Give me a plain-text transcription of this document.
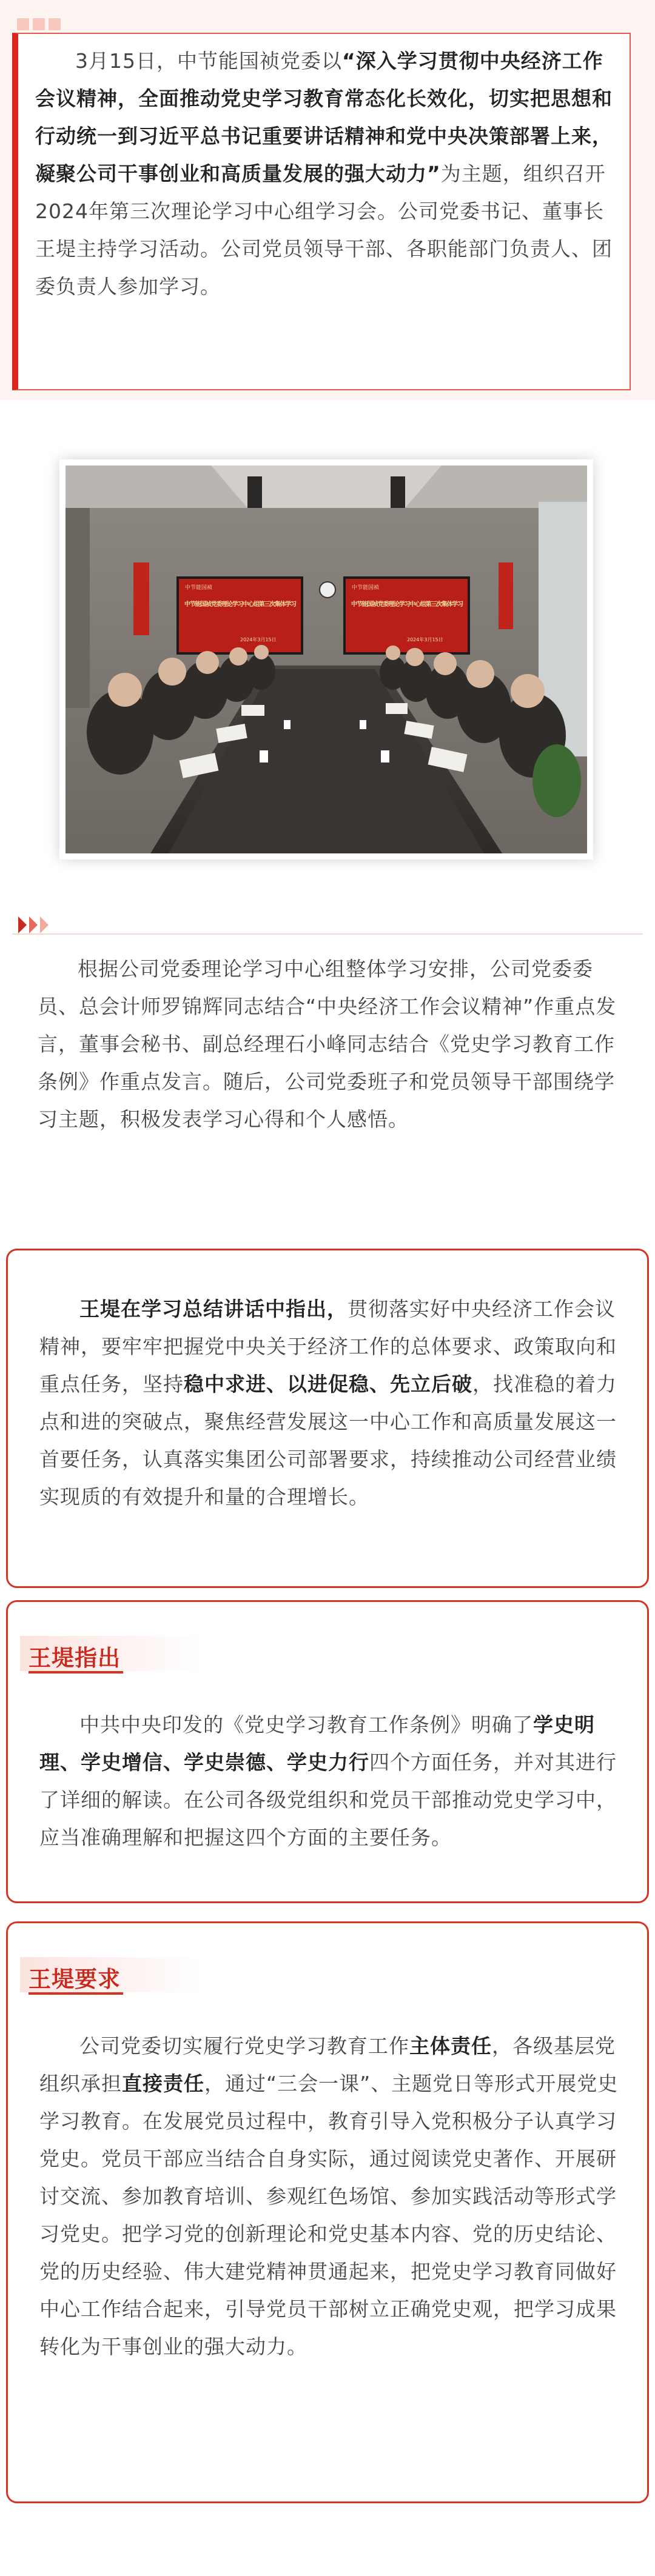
3月15日，中节能国祯党委以“深入学习贯彻中央经济工作会议精神，全面推动党史学习教育常态化长效化，切实把思想和行动统一到习近平总书记重要讲话精神和党中央决策部署上来，凝聚公司干事创业和高质量发展的强大动力”为主题，组织召开2024年第三次理论学习中心组学习会。公司党委书记、董事长王堤主持学习活动。公司党员领导干部、各职能部门负责人、团委负责人参加学习。
中节能国祯
中节能国祯党委理论学习中心组第三次集体学习
2024年3月15日
中节能国祯
中节能国祯党委理论学习中心组第三次集体学习
2024年3月15日
根据公司党委理论学习中心组整体学习安排，公司党委委员、总会计师罗锦辉同志结合“中央经济工作会议精神”作重点发言，董事会秘书、副总经理石小峰同志结合《党史学习教育工作条例》作重点发言。随后，公司党委班子和党员领导干部围绕学习主题，积极发表学习心得和个人感悟。
王堤在学习总结讲话中指出，贯彻落实好中央经济工作会议精神，要牢牢把握党中央关于经济工作的总体要求、政策取向和重点任务，坚持稳中求进、以进促稳、先立后破，找准稳的着力点和进的突破点，聚焦经营发展这一中心工作和高质量发展这一首要任务，认真落实集团公司部署要求，持续推动公司经营业绩实现质的有效提升和量的合理增长。
王堤指出
中共中央印发的《党史学习教育工作条例》明确了学史明理、学史增信、学史崇德、学史力行四个方面任务，并对其进行了详细的解读。在公司各级党组织和党员干部推动党史学习中，应当准确理解和把握这四个方面的主要任务。
王堤要求
公司党委切实履行党史学习教育工作主体责任，各级基层党组织承担直接责任，通过“三会一课”、主题党日等形式开展党史学习教育。在发展党员过程中，教育引导入党积极分子认真学习党史。党员干部应当结合自身实际，通过阅读党史著作、开展研讨交流、参加教育培训、参观红色场馆、参加实践活动等形式学习党史。把学习党的创新理论和党史基本内容、党的历史结论、党的历史经验、伟大建党精神贯通起来，把党史学习教育同做好中心工作结合起来，引导党员干部树立正确党史观，把学习成果转化为干事创业的强大动力。
